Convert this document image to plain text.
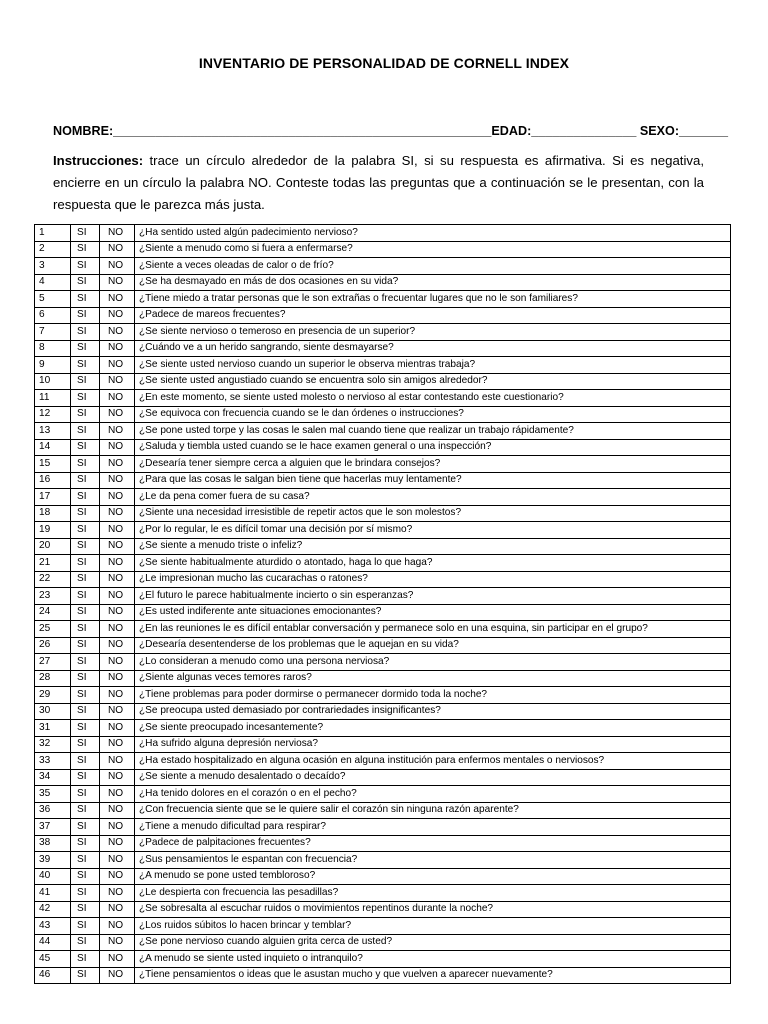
INVENTARIO DE PERSONALIDAD DE CORNELL INDEX
NOMBRE:______________________________________________________EDAD:_______________ SEXO:_______
Instrucciones: trace un círculo alrededor de la palabra SI, si su respuesta es afirmativa. Si es negativa, encierre en un círculo la palabra NO. Conteste todas las preguntas que a continuación se le presentan, con la respuesta que le parezca más justa.
1	SI	NO	¿Ha sentido usted algún padecimiento nervioso?
2	SI	NO	¿Siente a menudo como si fuera a enfermarse?
3	SI	NO	¿Siente a veces oleadas de calor o de frío?
4	SI	NO	¿Se ha desmayado en más de dos ocasiones en su vida?
5	SI	NO	¿Tiene miedo a tratar personas que le son extrañas o frecuentar lugares que no le son familiares?
6	SI	NO	¿Padece de mareos frecuentes?
7	SI	NO	¿Se siente nervioso o temeroso en presencia de un superior?
8	SI	NO	¿Cuándo ve a un herido sangrando, siente desmayarse?
9	SI	NO	¿Se siente usted nervioso cuando un superior le observa mientras trabaja?
10	SI	NO	¿Se siente usted angustiado cuando se encuentra solo sin amigos alrededor?
11	SI	NO	¿En este momento, se siente usted molesto o nervioso al estar contestando este cuestionario?
12	SI	NO	¿Se equivoca con frecuencia cuando se le dan órdenes o instrucciones?
13	SI	NO	¿Se pone usted torpe y las cosas le salen mal cuando tiene que realizar un trabajo rápidamente?
14	SI	NO	¿Saluda y tiembla usted cuando se le hace examen general o una inspección?
15	SI	NO	¿Desearía tener siempre cerca a alguien que le brindara consejos?
16	SI	NO	¿Para que las cosas le salgan bien tiene que hacerlas muy lentamente?
17	SI	NO	¿Le da pena comer fuera de su casa?
18	SI	NO	¿Siente una necesidad irresistible de repetir actos que le son molestos?
19	SI	NO	¿Por lo regular, le es difícil tomar una decisión por sí mismo?
20	SI	NO	¿Se siente a menudo triste o infeliz?
21	SI	NO	¿Se siente habitualmente aturdido o atontado, haga lo que haga?
22	SI	NO	¿Le impresionan mucho las cucarachas o ratones?
23	SI	NO	¿El futuro le parece habitualmente incierto o sin esperanzas?
24	SI	NO	¿Es usted indiferente ante situaciones emocionantes?
25	SI	NO	¿En las reuniones le es difícil entablar conversación y permanece solo en una esquina, sin participar en el grupo?
26	SI	NO	¿Desearía desentenderse de los problemas que le aquejan en su vida?
27	SI	NO	¿Lo consideran a menudo como una persona nerviosa?
28	SI	NO	¿Siente algunas veces temores raros?
29	SI	NO	¿Tiene problemas para poder dormirse o permanecer dormido toda la noche?
30	SI	NO	¿Se preocupa usted demasiado por contrariedades insignificantes?
31	SI	NO	¿Se siente preocupado incesantemente?
32	SI	NO	¿Ha sufrido alguna depresión nerviosa?
33	SI	NO	¿Ha estado hospitalizado en alguna ocasión en alguna institución para enfermos mentales o nerviosos?
34	SI	NO	¿Se siente a menudo desalentado o decaído?
35	SI	NO	¿Ha tenido dolores en el corazón o en el pecho?
36	SI	NO	¿Con frecuencia siente que se le quiere salir el corazón sin ninguna razón aparente?
37	SI	NO	¿Tiene a menudo dificultad para respirar?
38	SI	NO	¿Padece de palpitaciones frecuentes?
39	SI	NO	¿Sus pensamientos le espantan con frecuencia?
40	SI	NO	¿A menudo se pone usted tembloroso?
41	SI	NO	¿Le despierta con frecuencia las pesadillas?
42	SI	NO	¿Se sobresalta al escuchar ruidos o movimientos repentinos durante la noche?
43	SI	NO	¿Los ruidos súbitos lo hacen brincar y temblar?
44	SI	NO	¿Se pone nervioso cuando alguien grita cerca de usted?
45	SI	NO	¿A menudo se siente usted inquieto o intranquilo?
46	SI	NO	¿Tiene pensamientos o ideas que le asustan mucho y que vuelven a aparecer nuevamente?
